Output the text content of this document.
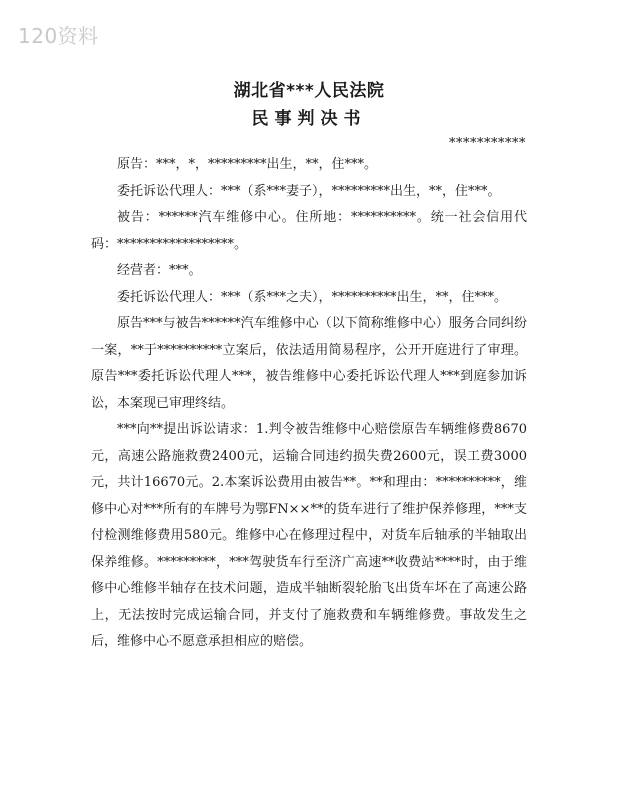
120资料
湖北省***人民法院
民事判决书
***********

原告：***，*，*********出生，**，住***。

委托诉讼代理人：***（系***妻子），*********出生，**，住***。

被告：******汽车维修中心。住所地：**********。统一社会信用代码：******************。

经营者：***。

委托诉讼代理人：***（系***之夫），**********出生，**，住***。

原告***与被告******汽车维修中心（以下简称维修中心）服务合同纠纷一案，**于**********立案后，依法适用简易程序，公开开庭进行了审理。原告***委托诉讼代理人***，被告维修中心委托诉讼代理人***到庭参加诉讼，本案现已审理终结。

***向**提出诉讼请求：1.判令被告维修中心赔偿原告车辆维修费8670元，高速公路施救费2400元，运输合同违约损失费2600元，误工费3000元，共计16670元。2.本案诉讼费用由被告**。**和理由：**********，维修中心对***所有的车牌号为鄂FN××**的货车进行了维护保养修理，***支付检测维修费用580元。维修中心在修理过程中，对货车后轴承的半轴取出保养维修。*********，***驾驶货车行至济广高速**收费站****时，由于维修中心维修半轴存在技术问题，造成半轴断裂轮胎飞出货车坏在了高速公路上，无法按时完成运输合同，并支付了施救费和车辆维修费。事故发生之后，维修中心不愿意承担相应的赔偿。
